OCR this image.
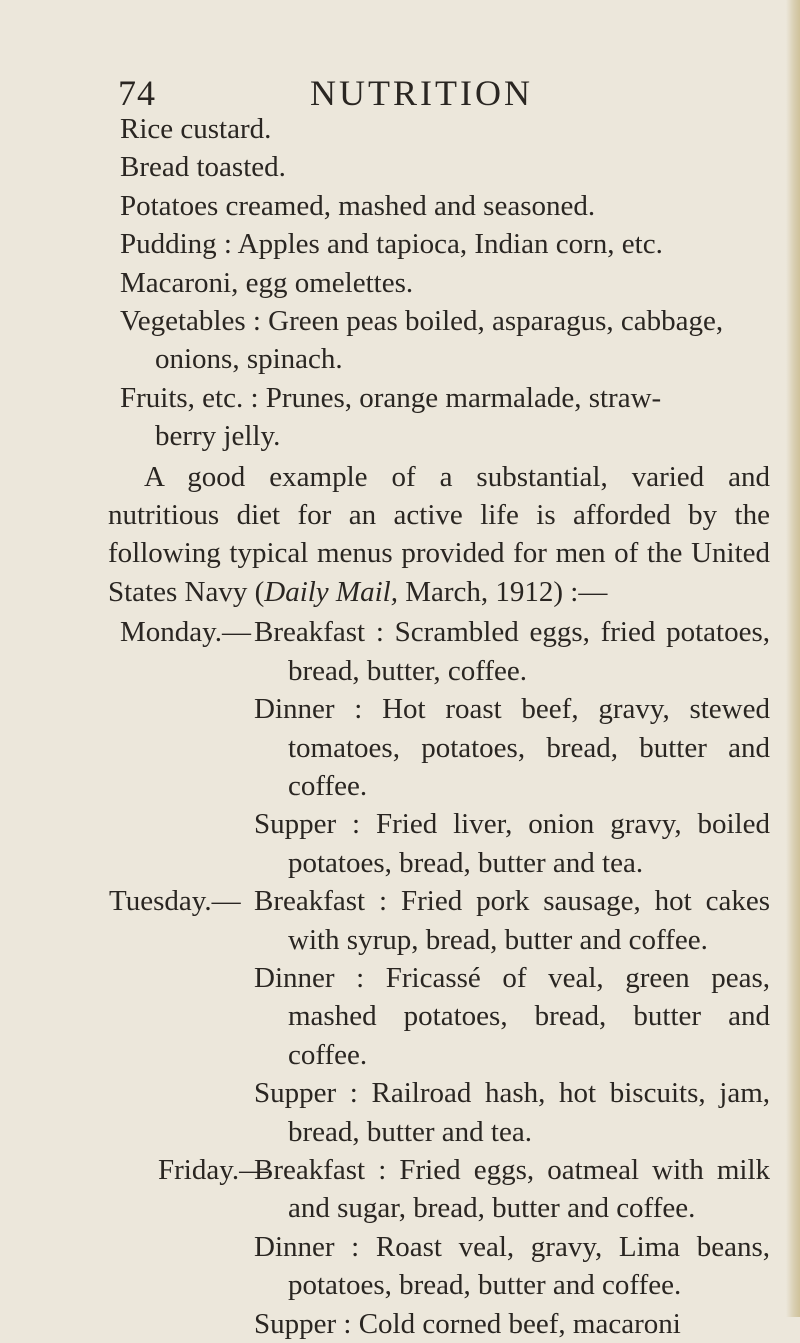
74	NUTRITION
Rice custard.
Bread toasted.
Potatoes creamed, mashed and seasoned.
Pudding : Apples and tapioca, Indian corn, etc.
Macaroni, egg omelettes.
Vegetables : Green peas boiled, asparagus, cabbage,
onions, spinach.
Fruits, etc. : Prunes, orange marmalade, straw-
berry jelly.

A good example of a substantial, varied and nutritious diet for an active life is afforded by the following typical menus provided for men of the United States Navy (Daily Mail, March, 1912) :—

Monday.— Breakfast : Scrambled eggs, fried potatoes, bread, butter, coffee.
Dinner : Hot roast beef, gravy, stewed tomatoes, potatoes, bread, butter and coffee.
Supper : Fried liver, onion gravy, boiled potatoes, bread, butter and tea.
Tuesday.— Breakfast : Fried pork sausage, hot cakes with syrup, bread, butter and coffee.
Dinner : Fricassé of veal, green peas, mashed potatoes, bread, butter and coffee.
Supper : Railroad hash, hot biscuits, jam, bread, butter and tea.
Friday.—
Breakfast : Fried eggs, oatmeal with milk and sugar, bread, butter and coffee.
Dinner : Roast veal, gravy, Lima beans, potatoes, bread, butter and coffee.
Supper : Cold corned beef, macaroni
